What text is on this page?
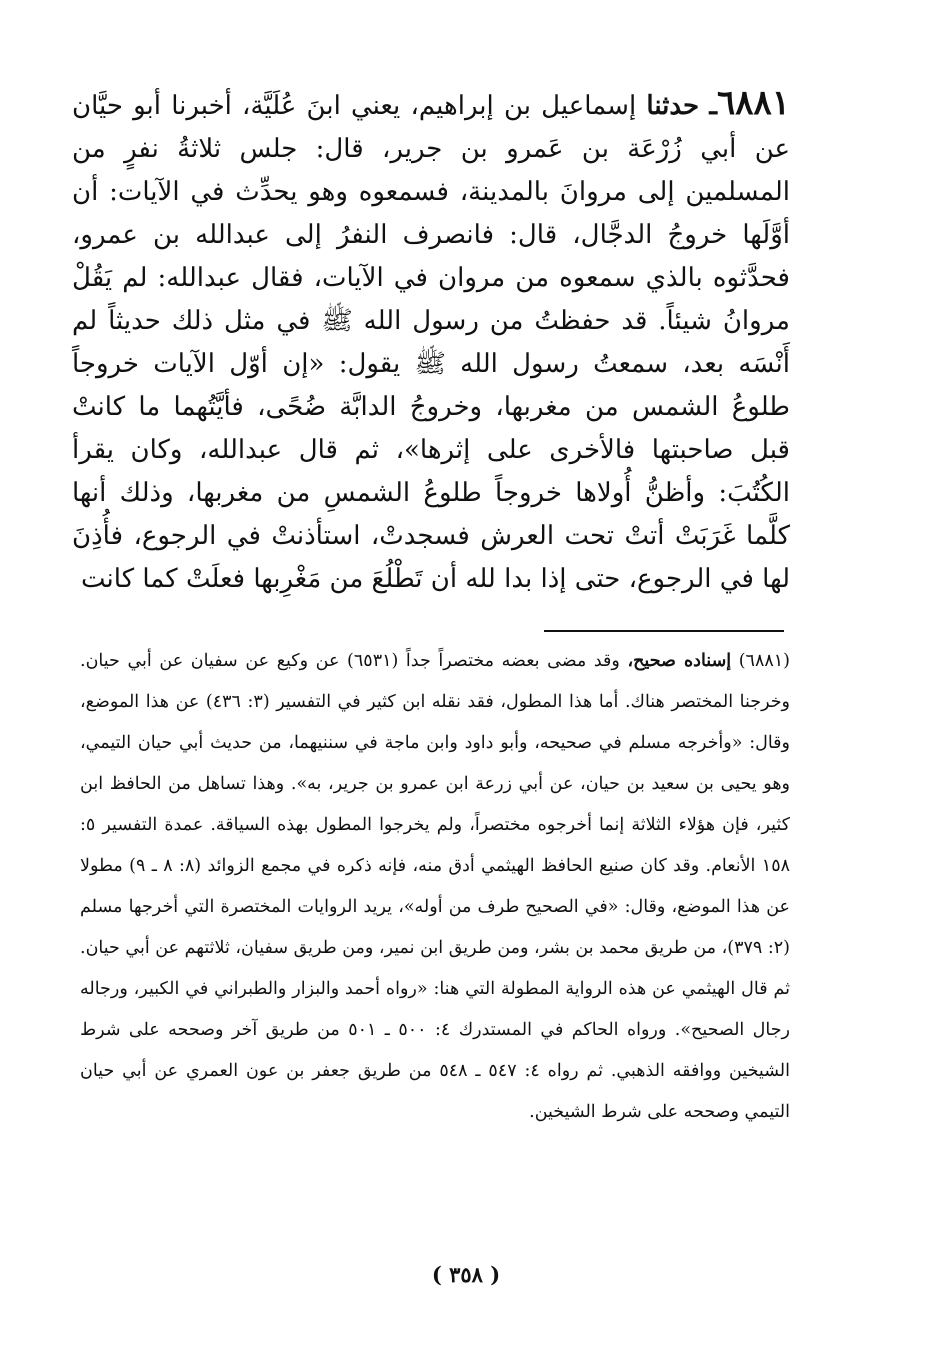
٦٨٨١ـ حدثنا إسماعيل بن إبراهيم، يعني ابنَ عُلَيَّة، أخبرنا أبو حيَّان عن أبي زُرْعَة بن عَمرو بن جرير، قال: جلس ثلاثةُ نفرٍ من المسلمين إلى مروانَ بالمدينة، فسمعوه وهو يحدِّث في الآيات: أن أوَّلَها خروجُ الدجَّال، قال: فانصرف النفرُ إلى عبدالله بن عمرو، فحدَّثوه بالذي سمعوه من مروان في الآيات، فقال عبدالله: لم يَقُلْ مروانُ شيئاً. قد حفظتُ من رسول الله ﷺ في مثل ذلك حديثاً لم أَنْسَه بعد، سمعتُ رسول الله ﷺ يقول: «إن أوّل الآيات خروجاً طلوعُ الشمس من مغربها، وخروجُ الدابَّة ضُحًى، فأيَّتُهما ما كانتْ قبل صاحبتها فالأخرى على إثرها»، ثم قال عبدالله، وكان يقرأ الكُتُبَ: وأظنُّ أُولاها خروجاً طلوعُ الشمسِ من مغربها، وذلك أنها كلَّما غَرَبَتْ أتتْ تحت العرش فسجدتْ، استأذنتْ في الرجوع، فأُذِنَ لها في الرجوع، حتى إذا بدا لله أن تَطْلُعَ من مَغْرِبها فعلَتْ كما كانت
(٦٨٨١) إسناده صحيح، وقد مضى بعضه مختصراً جداً (٦٥٣١) عن وكيع عن سفيان عن أبي حيان. وخرجنا المختصر هناك. أما هذا المطول، فقد نقله ابن كثير في التفسير (٣: ٤٣٦) عن هذا الموضع، وقال: «وأخرجه مسلم في صحيحه، وأبو داود وابن ماجة في سننيهما، من حديث أبي حيان التيمي، وهو يحيى بن سعيد بن حيان، عن أبي زرعة ابن عمرو بن جرير، به». وهذا تساهل من الحافظ ابن كثير، فإن هؤلاء الثلاثة إنما أخرجوه مختصراً، ولم يخرجوا المطول بهذه السياقة. عمدة التفسير ٥: ١٥٨ الأنعام. وقد كان صنيع الحافظ الهيثمي أدق منه، فإنه ذكره في مجمع الزوائد (٨: ٨ ـ ٩) مطولا عن هذا الموضع، وقال: «في الصحيح طرف من أوله»، يريد الروايات المختصرة التي أخرجها مسلم (٢: ٣٧٩)، من طريق محمد بن بشر، ومن طريق ابن نمير، ومن طريق سفيان، ثلاثتهم عن أبي حيان. ثم قال الهيثمي عن هذه الرواية المطولة التي هنا: «رواه أحمد والبزار والطبراني في الكبير، ورجاله رجال الصحيح». ورواه الحاكم في المستدرك ٤: ٥٠٠ ـ ٥٠١ من طريق آخر وصححه على شرط الشيخين ووافقه الذهبي. ثم رواه ٤: ٥٤٧ ـ ٥٤٨ من طريق جعفر بن عون العمري عن أبي حيان التيمي وصححه على شرط الشيخين.
( ٣٥٨ )
